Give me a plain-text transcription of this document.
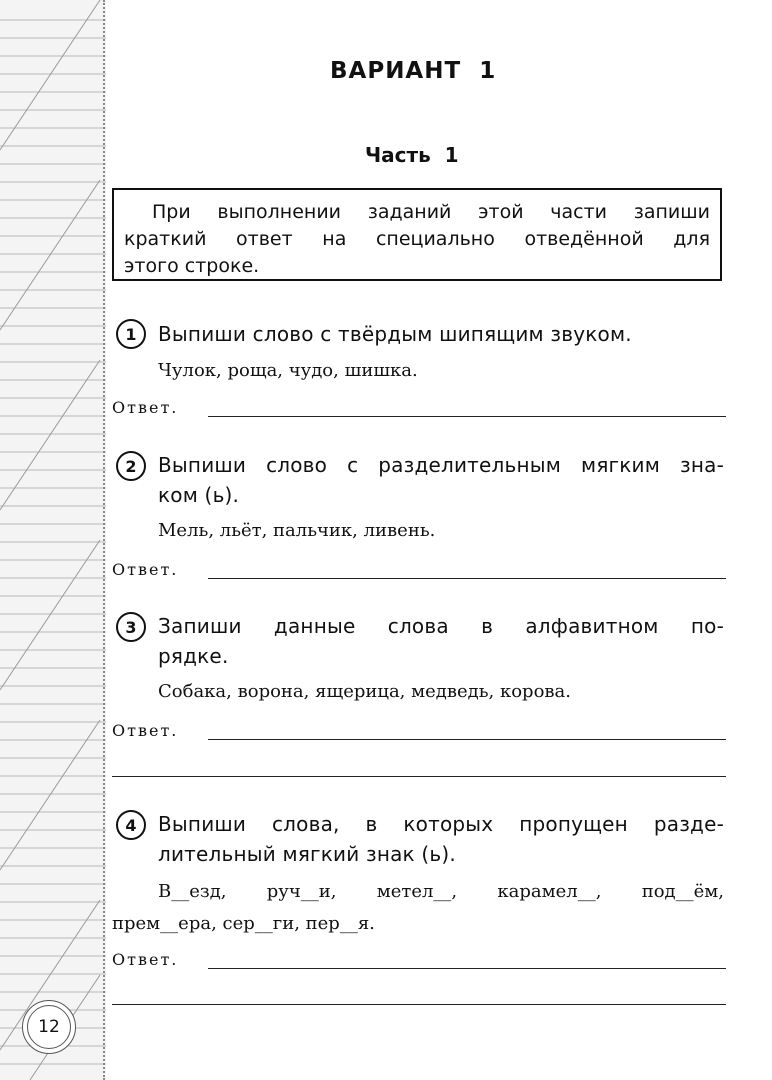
ВАРИАНТ  1
Часть  1
При выполнении заданий этой части запиши
краткий ответ на специально отведённой для
этого строке.
1	Выпиши слово с твёрдым шипящим звуком.
Чулок, роща, чудо, шишка.
Ответ.
2	Выпиши слово с разделительным мягким зна-
ком (ь).
Мель, льёт, пальчик, ливень.
Ответ.
3	Запиши данные слова в алфавитном по-
рядке.
Собака, ворона, ящерица, медведь, корова.
Ответ.
4	Выпиши слова, в которых пропущен разде-
лительный мягкий знак (ь).
В__езд, руч__и, метел__, карамел__, под__ём,
прем__ера, сер__ги, пер__я.
Ответ.
12
